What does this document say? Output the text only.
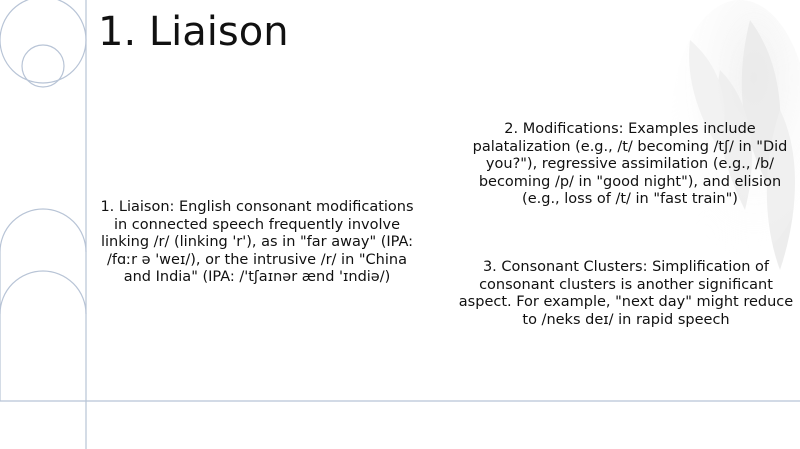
1. Liaison

1. Liaison: English consonant modifications in connected speech frequently involve linking /r/ (linking 'r'), as in "far away" (IPA: /fɑːr ə 'weɪ/), or the intrusive /r/ in "China and India" (IPA: /'tʃaɪnər ænd 'ɪndiə/)

2. Modifications: Examples include palatalization (e.g., /t/ becoming /tʃ/ in "Did you?"), regressive assimilation (e.g., /b/ becoming /p/ in "good night"), and elision (e.g., loss of /t/ in "fast train")

3. Consonant Clusters: Simplification of consonant clusters is another significant aspect. For example, "next day" might reduce to /neks deɪ/ in rapid speech
